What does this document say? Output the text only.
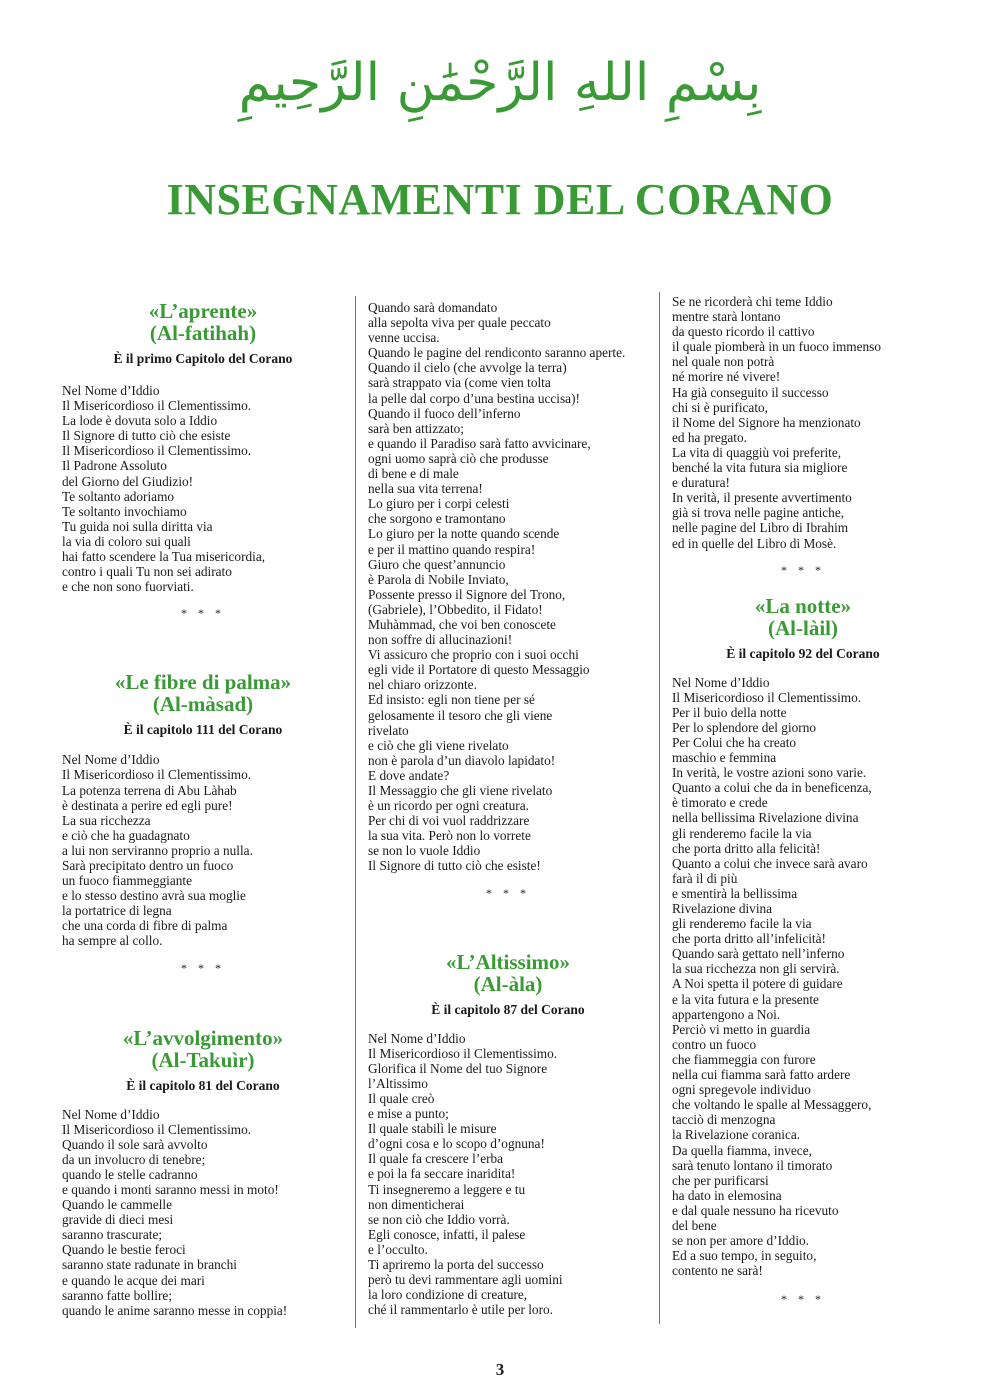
بِسْمِ اللهِ الرَّحْمَٰنِ الرَّحِيمِ
INSEGNAMENTI DEL CORANO
«L’aprente»
(Al-fatihah)
È il primo Capitolo del Corano
Nel Nome d’Iddio
Il Misericordioso il Clementissimo.
La lode è dovuta solo a Iddio
Il Signore di tutto ciò che esiste
Il Misericordioso il Clementissimo.
Il Padrone Assoluto
del Giorno del Giudizio!
Te soltanto adoriamo
Te soltanto invochiamo
Tu guida noi sulla diritta via
la via di coloro sui quali
hai fatto scendere la Tua misericordia,
contro i quali Tu non sei adirato
e che non sono fuorviati.
* * *
«Le fibre di palma»
(Al-màsad)
È il capitolo 111 del Corano
Nel Nome d’Iddio
Il Misericordioso il Clementissimo.
La potenza terrena di Abu Làhab
è destinata a perire ed egli pure!
La sua ricchezza
e ciò che ha guadagnato
a lui non serviranno proprio a nulla.
Sarà precipitato dentro un fuoco
un fuoco fiammeggiante
e lo stesso destino avrà sua moglie
la portatrice di legna
che una corda di fibre di palma
ha sempre al collo.
* * *
«L’avvolgimento»
(Al-Takuìr)
È il capitolo 81 del Corano
Nel Nome d’Iddio
Il Misericordioso il Clementissimo.
Quando il sole sarà avvolto
da un involucro di tenebre;
quando le stelle cadranno
e quando i monti saranno messi in moto!
Quando le cammelle
gravide di dieci mesi
saranno trascurate;
Quando le bestie feroci
saranno state radunate in branchi
e quando le acque dei mari
saranno fatte bollire;
quando le anime saranno messe in coppia!
Quando sarà domandato
alla sepolta viva per quale peccato
venne uccisa.
Quando le pagine del rendiconto saranno aperte.
Quando il cielo (che avvolge la terra)
sarà strappato via (come vien tolta
la pelle dal corpo d’una bestina uccisa)!
Quando il fuoco dell’inferno
sarà ben attizzato;
e quando il Paradiso sarà fatto avvicinare,
ogni uomo saprà ciò che produsse
di bene e di male
nella sua vita terrena!
Lo giuro per i corpi celesti
che sorgono e tramontano
Lo giuro per la notte quando scende
e per il mattino quando respira!
Giuro che quest’annuncio
è Parola di Nobile Inviato,
Possente presso il Signore del Trono,
(Gabriele), l’Obbedito, il Fidato!
Muhàmmad, che voi ben conoscete
non soffre di allucinazioni!
Vi assicuro che proprio con i suoi occhi
egli vide il Portatore di questo Messaggio
nel chiaro orizzonte.
Ed insisto: egli non tiene per sé
gelosamente il tesoro che gli viene
rivelato
e ciò che gli viene rivelato
non è parola d’un diavolo lapidato!
E dove andate?
Il Messaggio che gli viene rivelato
è un ricordo per ogni creatura.
Per chi di voi vuol raddrizzare
la sua vita. Però non lo vorrete
se non lo vuole Iddio
Il Signore di tutto ciò che esiste!
* * *
«L’Altissimo»
(Al-àla)
È il capitolo 87 del Corano
Nel Nome d’Iddio
Il Misericordioso il Clementissimo.
Glorifica il Nome del tuo Signore
l’Altissimo
Il quale creò
e mise a punto;
Il quale stabilì le misure
d’ogni cosa e lo scopo d’ognuna!
Il quale fa crescere l’erba
e poi la fa seccare inaridita!
Ti insegneremo a leggere e tu
non dimenticherai
se non ciò che Iddio vorrà.
Egli conosce, infatti, il palese
e l’occulto.
Ti apriremo la porta del successo
però tu devi rammentare agli uomini
la loro condizione di creature,
ché il rammentarlo è utile per loro.
Se ne ricorderà chi teme Iddio
mentre starà lontano
da questo ricordo il cattivo
il quale piomberà in un fuoco immenso
nel quale non potrà
né morire né vivere!
Ha già conseguito il successo
chi si è purificato,
il Nome del Signore ha menzionato
ed ha pregato.
La vita di quaggiù voi preferite,
benché la vita futura sia migliore
e duratura!
In verità, il presente avvertimento
già si trova nelle pagine antiche,
nelle pagine del Libro di Ibrahim
ed in quelle del Libro di Mosè.
* * *
«La notte»
(Al-làil)
È il capitolo 92 del Corano
Nel Nome d’Iddio
Il Misericordioso il Clementissimo.
Per il buio della notte
Per lo splendore del giorno
Per Colui che ha creato
maschio e femmina
In verità, le vostre azioni sono varie.
Quanto a colui che da in beneficenza,
è timorato e crede
nella bellissima Rivelazione divina
gli renderemo facile la via
che porta dritto alla felicità!
Quanto a colui che invece sarà avaro
farà il di più
e smentirà la bellissima
Rivelazione divina
gli renderemo facile la via
che porta dritto all’infelicità!
Quando sarà gettato nell’inferno
la sua ricchezza non gli servirà.
A Noi spetta il potere di guidare
e la vita futura e la presente
appartengono a Noi.
Perciò vi metto in guardia
contro un fuoco
che fiammeggia con furore
nella cui fiamma sarà fatto ardere
ogni spregevole individuo
che voltando le spalle al Messaggero,
tacciò di menzogna
la Rivelazione coranica.
Da quella fiamma, invece,
sarà tenuto lontano il timorato
che per purificarsi
ha dato in elemosina
e dal quale nessuno ha ricevuto
del bene
se non per amore d’Iddio.
Ed a suo tempo, in seguito,
contento ne sarà!
* * *
3
